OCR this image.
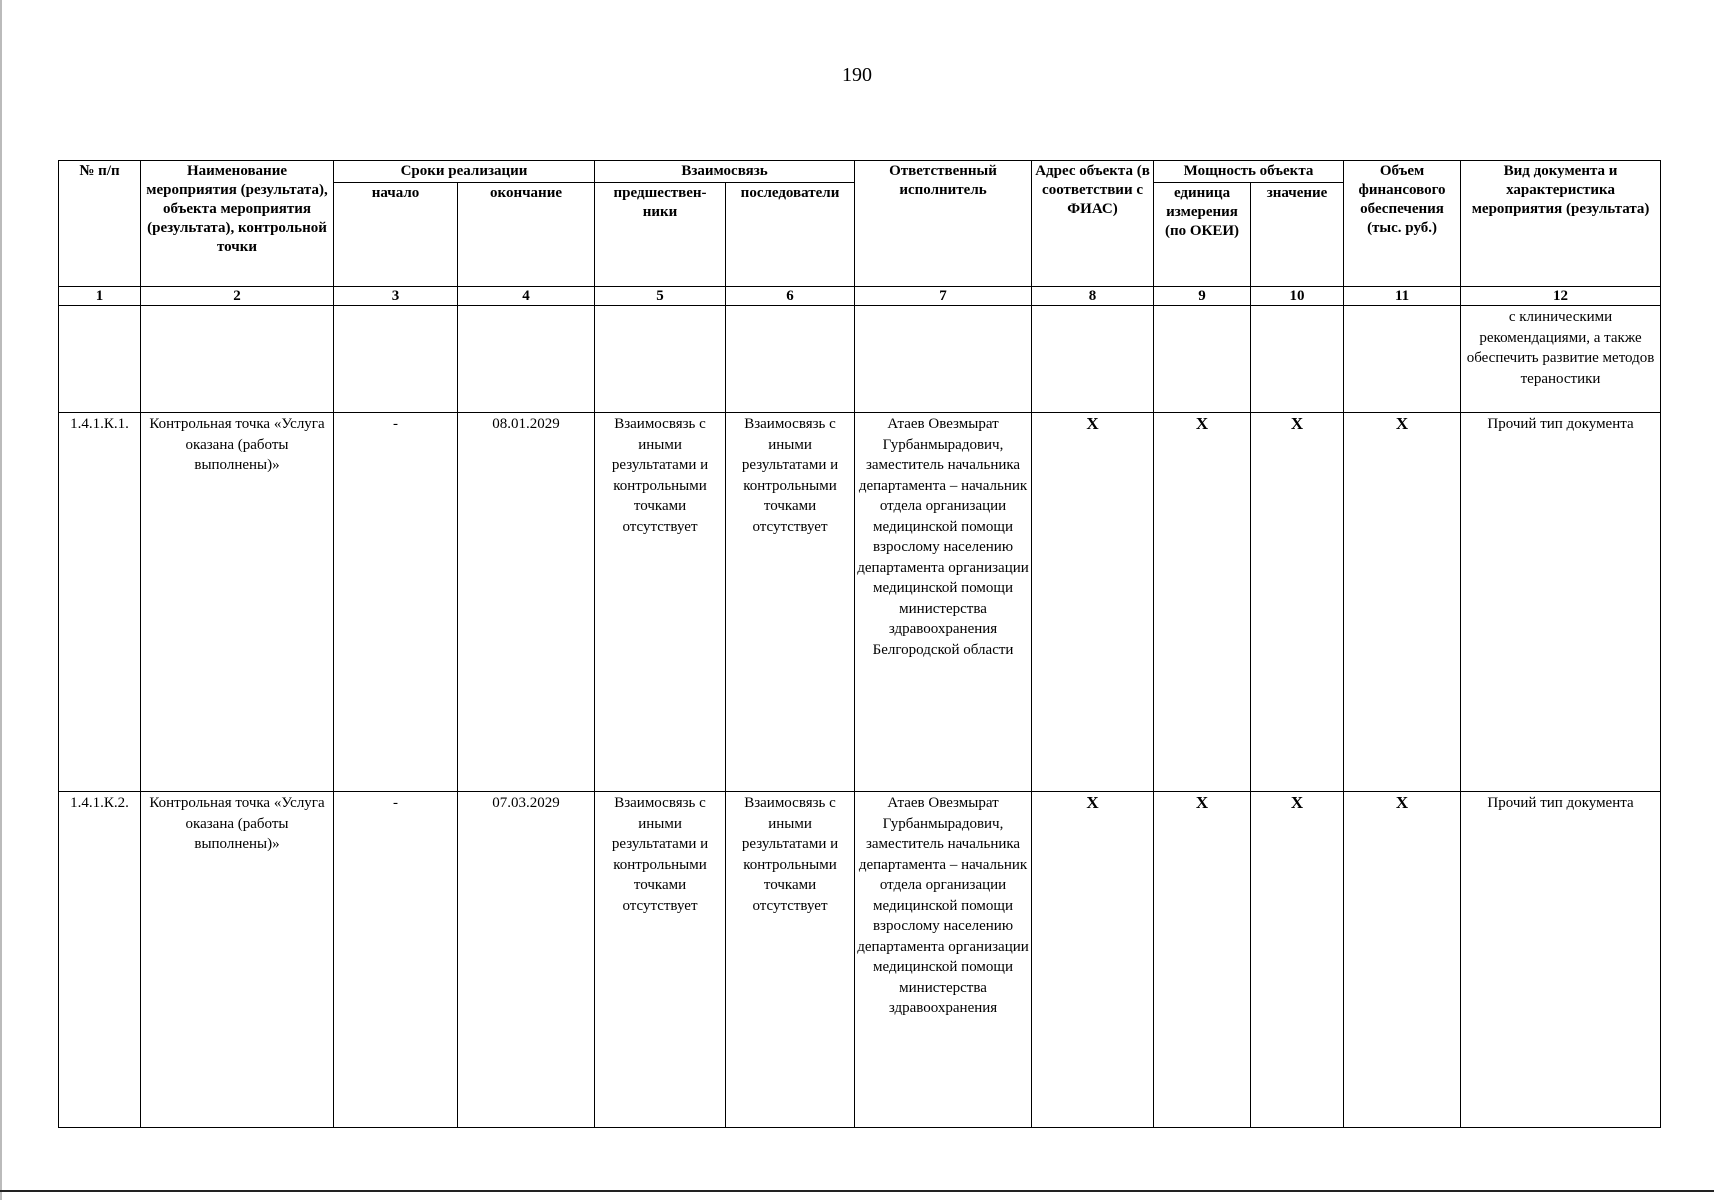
190
№ п/п	Наименование мероприятия (результата), объекта мероприятия (результата), контрольной точки	Сроки реализации		Взаимосвязь		Ответственный исполнитель	Адрес объекта (в соответствии с ФИАС)	Мощность объекта		Объем финансового обеспечения (тыс. руб.)	Вид документа и характеристика мероприятия (результата)
		начало	окончание	предшествен-ники	последователи			единица измерения (по ОКЕИ)	значение		
1	2	3	4	5	6	7	8	9	10	11	12
											с клиническими рекомендациями, а также обеспечить развитие методов тераностики
1.4.1.К.1.	Контрольная точка «Услуга оказана (работы выполнены)»	-	08.01.2029	Взаимосвязь с иными результатами и контрольными точками отсутствует	Взаимосвязь с иными результатами и контрольными точками отсутствует	Атаев Овезмырат Гурбанмырадович, заместитель начальника департамента – начальник отдела организации медицинской помощи взрослому населению департамента организации медицинской помощи министерства здравоохранения Белгородской области	X	X	X	X	Прочий тип документа
1.4.1.К.2.	Контрольная точка «Услуга оказана (работы выполнены)»	-	07.03.2029	Взаимосвязь с иными результатами и контрольными точками отсутствует	Взаимосвязь с иными результатами и контрольными точками отсутствует	Атаев Овезмырат Гурбанмырадович, заместитель начальника департамента – начальник отдела организации медицинской помощи взрослому населению департамента организации медицинской помощи министерства здравоохранения	X	X	X	X	Прочий тип документа
